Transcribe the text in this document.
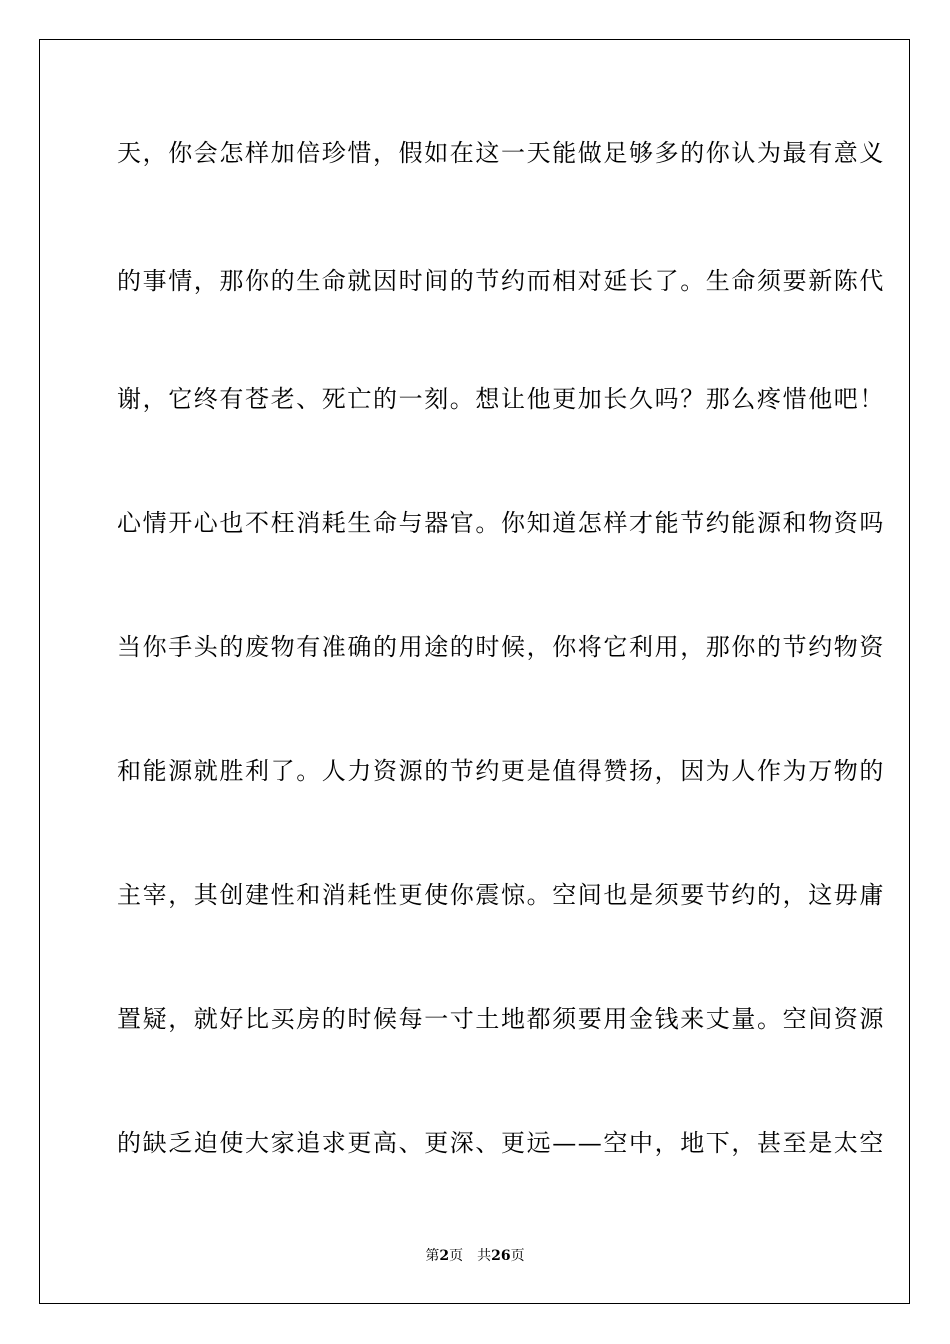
天，你会怎样加倍珍惜，假如在这一天能做足够多的你认为最有意义
的事情，那你的生命就因时间的节约而相对延长了。生命须要新陈代
谢，它终有苍老、死亡的一刻。想让他更加长久吗？那么疼惜他吧！
心情开心也不枉消耗生命与器官。你知道怎样才能节约能源和物资吗
当你手头的废物有准确的用途的时候，你将它利用，那你的节约物资
和能源就胜利了。人力资源的节约更是值得赞扬，因为人作为万物的
主宰，其创建性和消耗性更使你震惊。空间也是须要节约的，这毋庸
置疑，就好比买房的时候每一寸土地都须要用金钱来丈量。空间资源
的缺乏迫使大家追求更高、更深、更远——空中，地下，甚至是太空
第2页 共26页
